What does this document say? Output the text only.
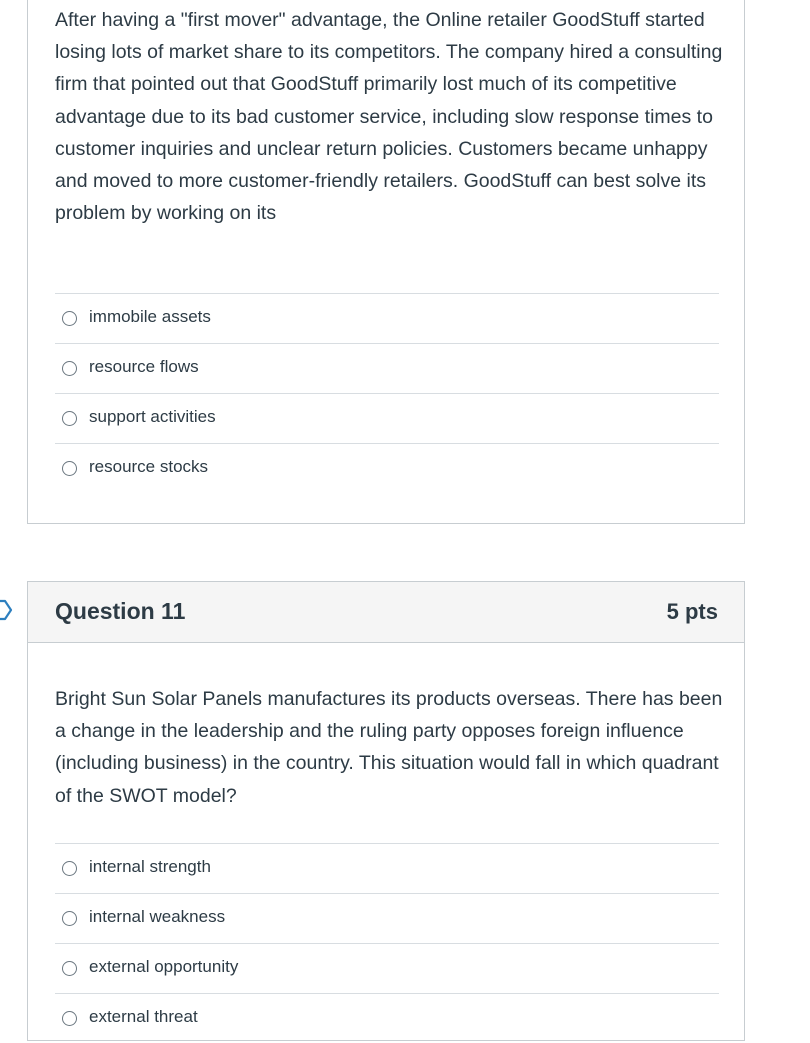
After having a "first mover" advantage, the Online retailer GoodStuff started losing lots of market share to its competitors. The company hired a consulting firm that pointed out that GoodStuff primarily lost much of its competitive advantage due to its bad customer service, including slow response times to customer inquiries and unclear return policies. Customers became unhappy and moved to more customer-friendly retailers. GoodStuff can best solve its problem by working on its

immobile assets
resource flows
support activities
resource stocks
Question 11	5 pts

Bright Sun Solar Panels manufactures its products overseas. There has been a change in the leadership and the ruling party opposes foreign influence (including business) in the country. This situation would fall in which quadrant of the SWOT model?

internal strength
internal weakness
external opportunity
external threat
